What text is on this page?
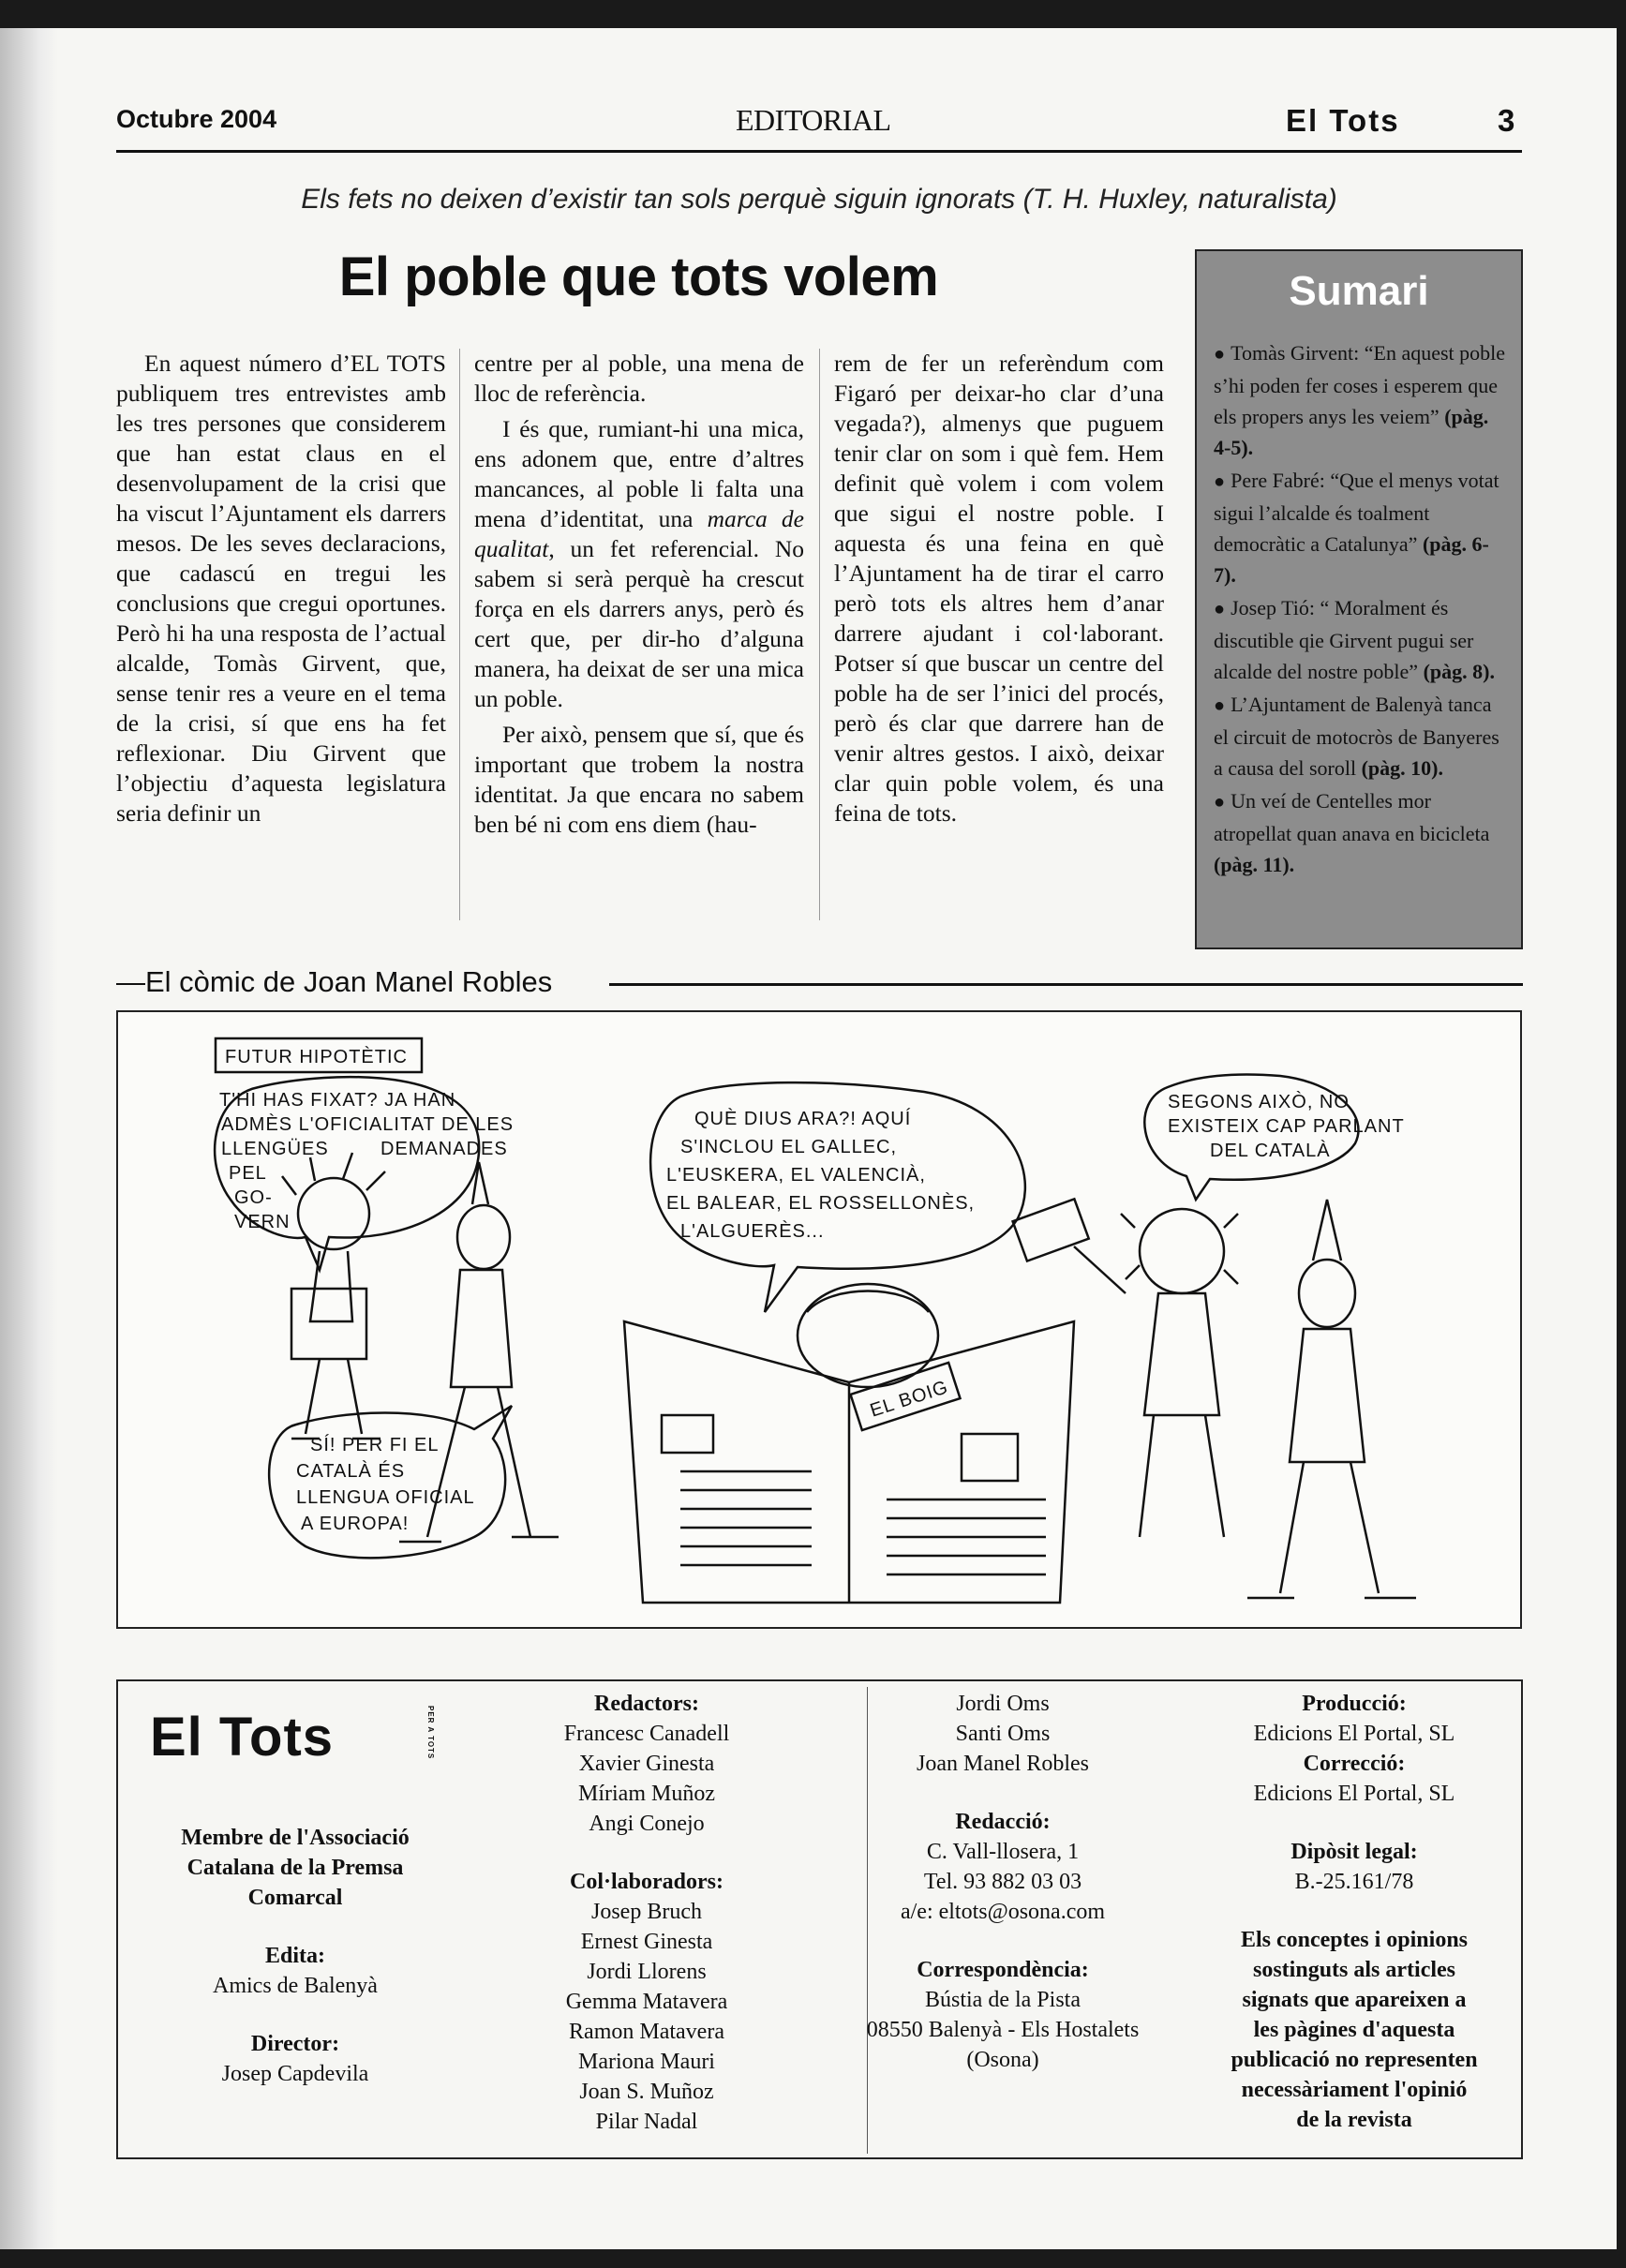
Octubre 2004	EDITORIAL	El Tots	3
Els fets no deixen d’existir tan sols perquè siguin ignorats (T. H. Huxley, naturalista)
El poble que tots volem

En aquest número d’EL TOTS publiquem tres entrevistes amb les tres persones que considerem que han estat claus en el desenvolupament de la crisi que ha viscut l’Ajuntament els darrers mesos. De les seves declaracions, que cadascú en tregui les conclusions que cregui oportunes. Però hi ha una resposta de l’actual alcalde, Tomàs Girvent, que, sense tenir res a veure en el tema de la crisi, sí que ens ha fet reflexionar. Diu Girvent que l’objectiu d’aquesta legislatura seria definir un

centre per al poble, una mena de lloc de referència.

I és que, rumiant-hi una mica, ens adonem que, entre d’altres mancances, al poble li falta una mena d’identitat, una marca de qualitat, un fet referencial. No sabem si serà perquè ha crescut força en els darrers anys, però és cert que, per dir-ho d’alguna manera, ha deixat de ser una mica un poble.

Per això, pensem que sí, que és important que trobem la nostra identitat. Ja que encara no sabem ben bé ni com ens diem (hau-

rem de fer un referèndum com Figaró per deixar-ho clar d’una vegada?), almenys que puguem tenir clar on som i què fem. Hem definit què volem i com volem que sigui el nostre poble. I aquesta és una feina en què l’Ajuntament ha de tirar el carro però tots els altres hem d’anar darrere ajudant i col·laborant. Potser sí que buscar un centre del poble ha de ser l’inici del procés, però és clar que darrere han de venir altres gestos. I això, deixar clar quin poble volem, és una feina de tots.

Sumari
● Tomàs Girvent: “En aquest poble s’hi poden fer coses i esperem que els propers anys les veiem” (pàg. 4-5).
● Pere Fabré: “Que el menys votat sigui l’alcalde és toalment democràtic a Catalunya” (pàg. 6-7).
● Josep Tió: “ Moralment és discutible qie Girvent pugui ser alcalde del nostre poble” (pàg. 8).
● L’Ajuntament de Balenyà tanca el circuit de motocròs de Banyeres a causa del soroll (pàg. 10).
● Un veí de Centelles mor atropellat quan anava en bicicleta (pàg. 11).
—El còmic de Joan Manel Robles
FUTUR HIPOTÈTIC
T'HI HAS FIXAT? JA HAN
ADMÈS L'OFICIALITAT DE LES
LLENGÜES	DEMANADES
PEL
GO-
VERN
SÍ! PER FI EL
CATALÀ ÉS
LLENGUA OFICIAL
A EUROPA!
QUÈ DIUS ARA?! AQUÍ
S'INCLOU EL GALLEC,
L'EUSKERA, EL VALENCIÀ,
EL BALEAR, EL ROSSELLONÈS,
L'ALGUERÈS...
SEGONS AIXÒ, NO
EXISTEIX CAP PARLANT
DEL CATALÀ
EL BOIG
El Tots	PER A TOTS
Membre de l'Associació
Catalana de la Premsa
Comarcal
Edita:
Amics de Balenyà
Director:
Josep Capdevila
Redactors:
Francesc Canadell
Xavier Ginesta
Míriam Muñoz
Angi Conejo
Col·laboradors:
Josep Bruch
Ernest Ginesta
Jordi Llorens
Gemma Matavera
Ramon Matavera
Mariona Mauri
Joan S. Muñoz
Pilar Nadal
Jordi Oms
Santi Oms
Joan Manel Robles
Redacció:
C. Vall-llosera, 1
Tel. 93 882 03 03
a/e: eltots@osona.com
Correspondència:
Bústia de la Pista
08550 Balenyà - Els Hostalets
(Osona)
Producció:
Edicions El Portal, SL
Correcció:
Edicions El Portal, SL
Dipòsit legal:
B.-25.161/78
Els conceptes i opinions
sostinguts als articles
signats que apareixen a
les pàgines d'aquesta
publicació no representen
necessàriament l'opinió
de la revista
